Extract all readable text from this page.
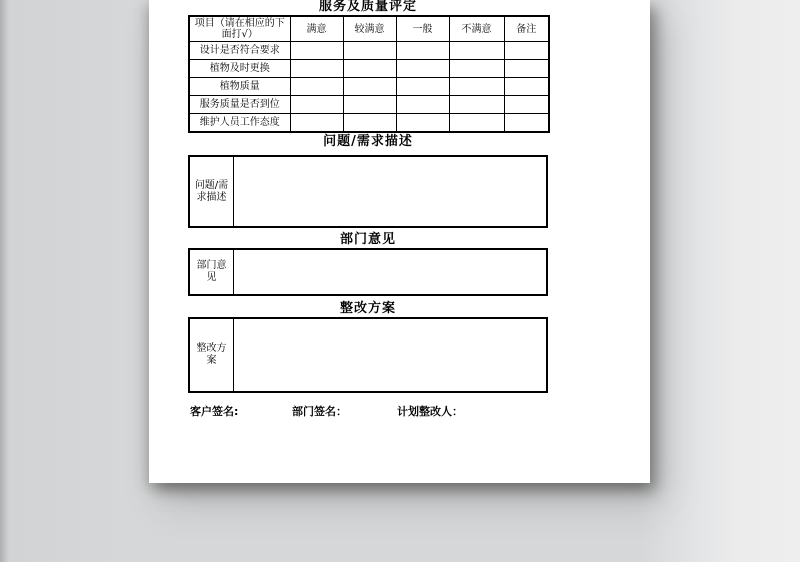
服务及质量评定
项目（请在相应的下面打√）	满意	较满意	一般	不满意	备注
设计是否符合要求					
植物及时更换					
植物质量					
服务质量是否到位					
维护人员工作态度					
问题/需求描述
问题/需求描述
部门意见
部门意见
整改方案
整改方案
客户签名:	部门签名：	计划整改人：
